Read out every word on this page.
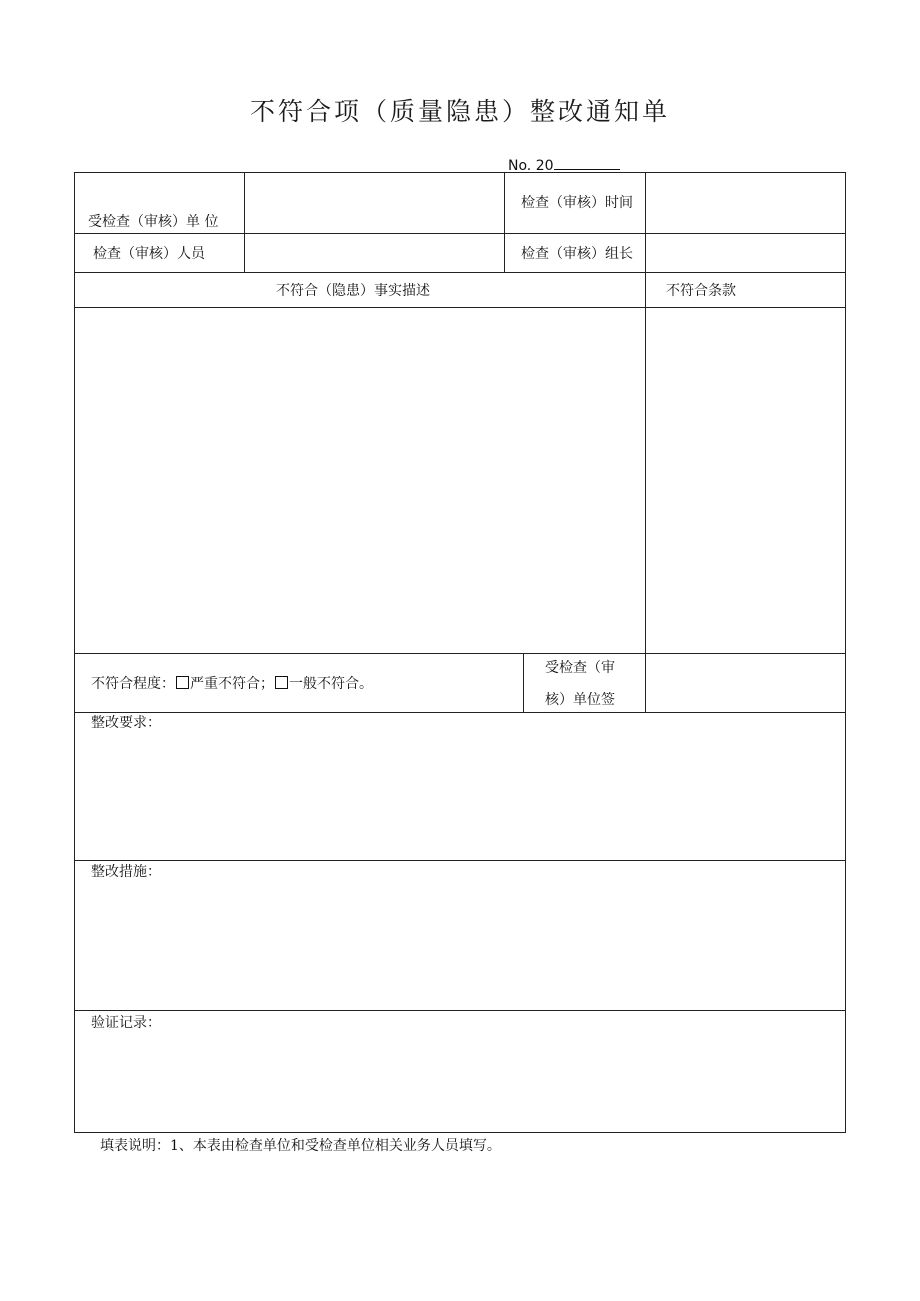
不符合项（质量隐患）整改通知单
No. 20
受检查（审核）单 位
检查（审核）时间
检查（审核）人员	检查（审核）组长
不符合（隐患）事实描述	不符合条款
不符合程度： 严重不符合； 一般不符合。
受检查（审
核）单位签
整改要求：
整改措施：
验证记录：
填表说明：1、本表由检查单位和受检查单位相关业务人员填写。
